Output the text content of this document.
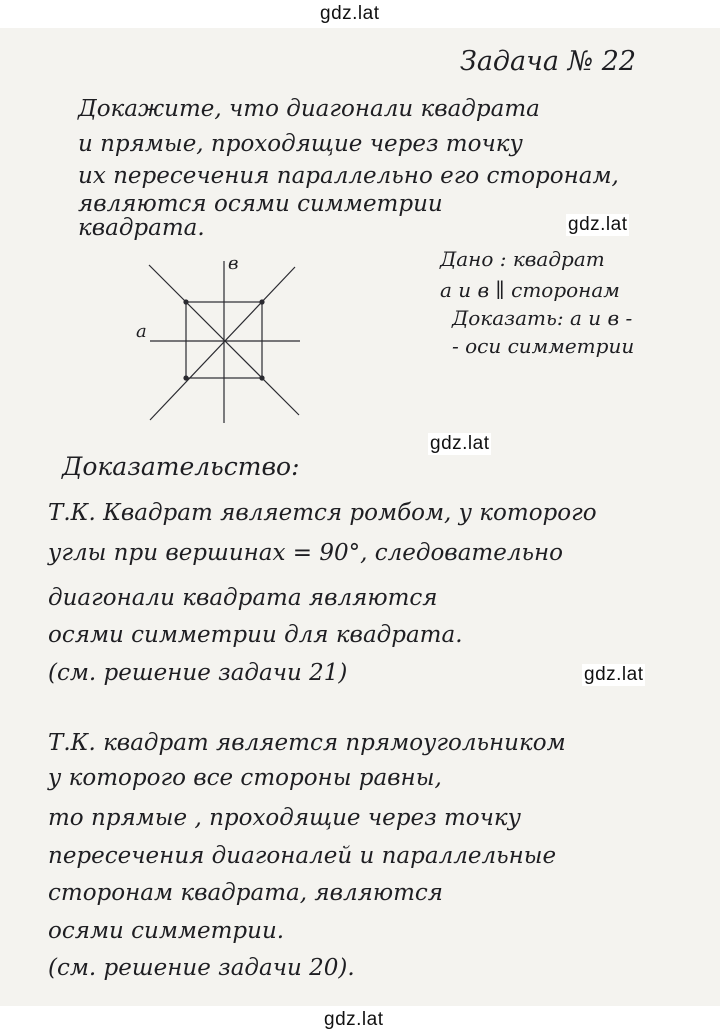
gdz.lat
gdz.lat
gdz.lat
gdz.lat
gdz.lat
Задача № 22
Докажите, что диагонали квадрата
и прямые, проходящие через точку
их пересечения параллельно его сторонам,
являются осями симметрии
квадрата.
Дано : квадрат
a и в ∥ сторонам
Доказать: a и в -
- оси симметрии
a
в
Доказательство:
Т.К. Квадрат является ромбом, у которого
углы при вершинах = 90°, следовательно
диагонали квадрата являются
осями симметрии для квадрата.
(см. решение задачи 21)
Т.К. квадрат является прямоугольником
у которого все стороны равны,
то прямые , проходящие через точку
пересечения диагоналей и параллельные
сторонам квадрата, являются
осями симметрии.
(см. решение задачи 20).
